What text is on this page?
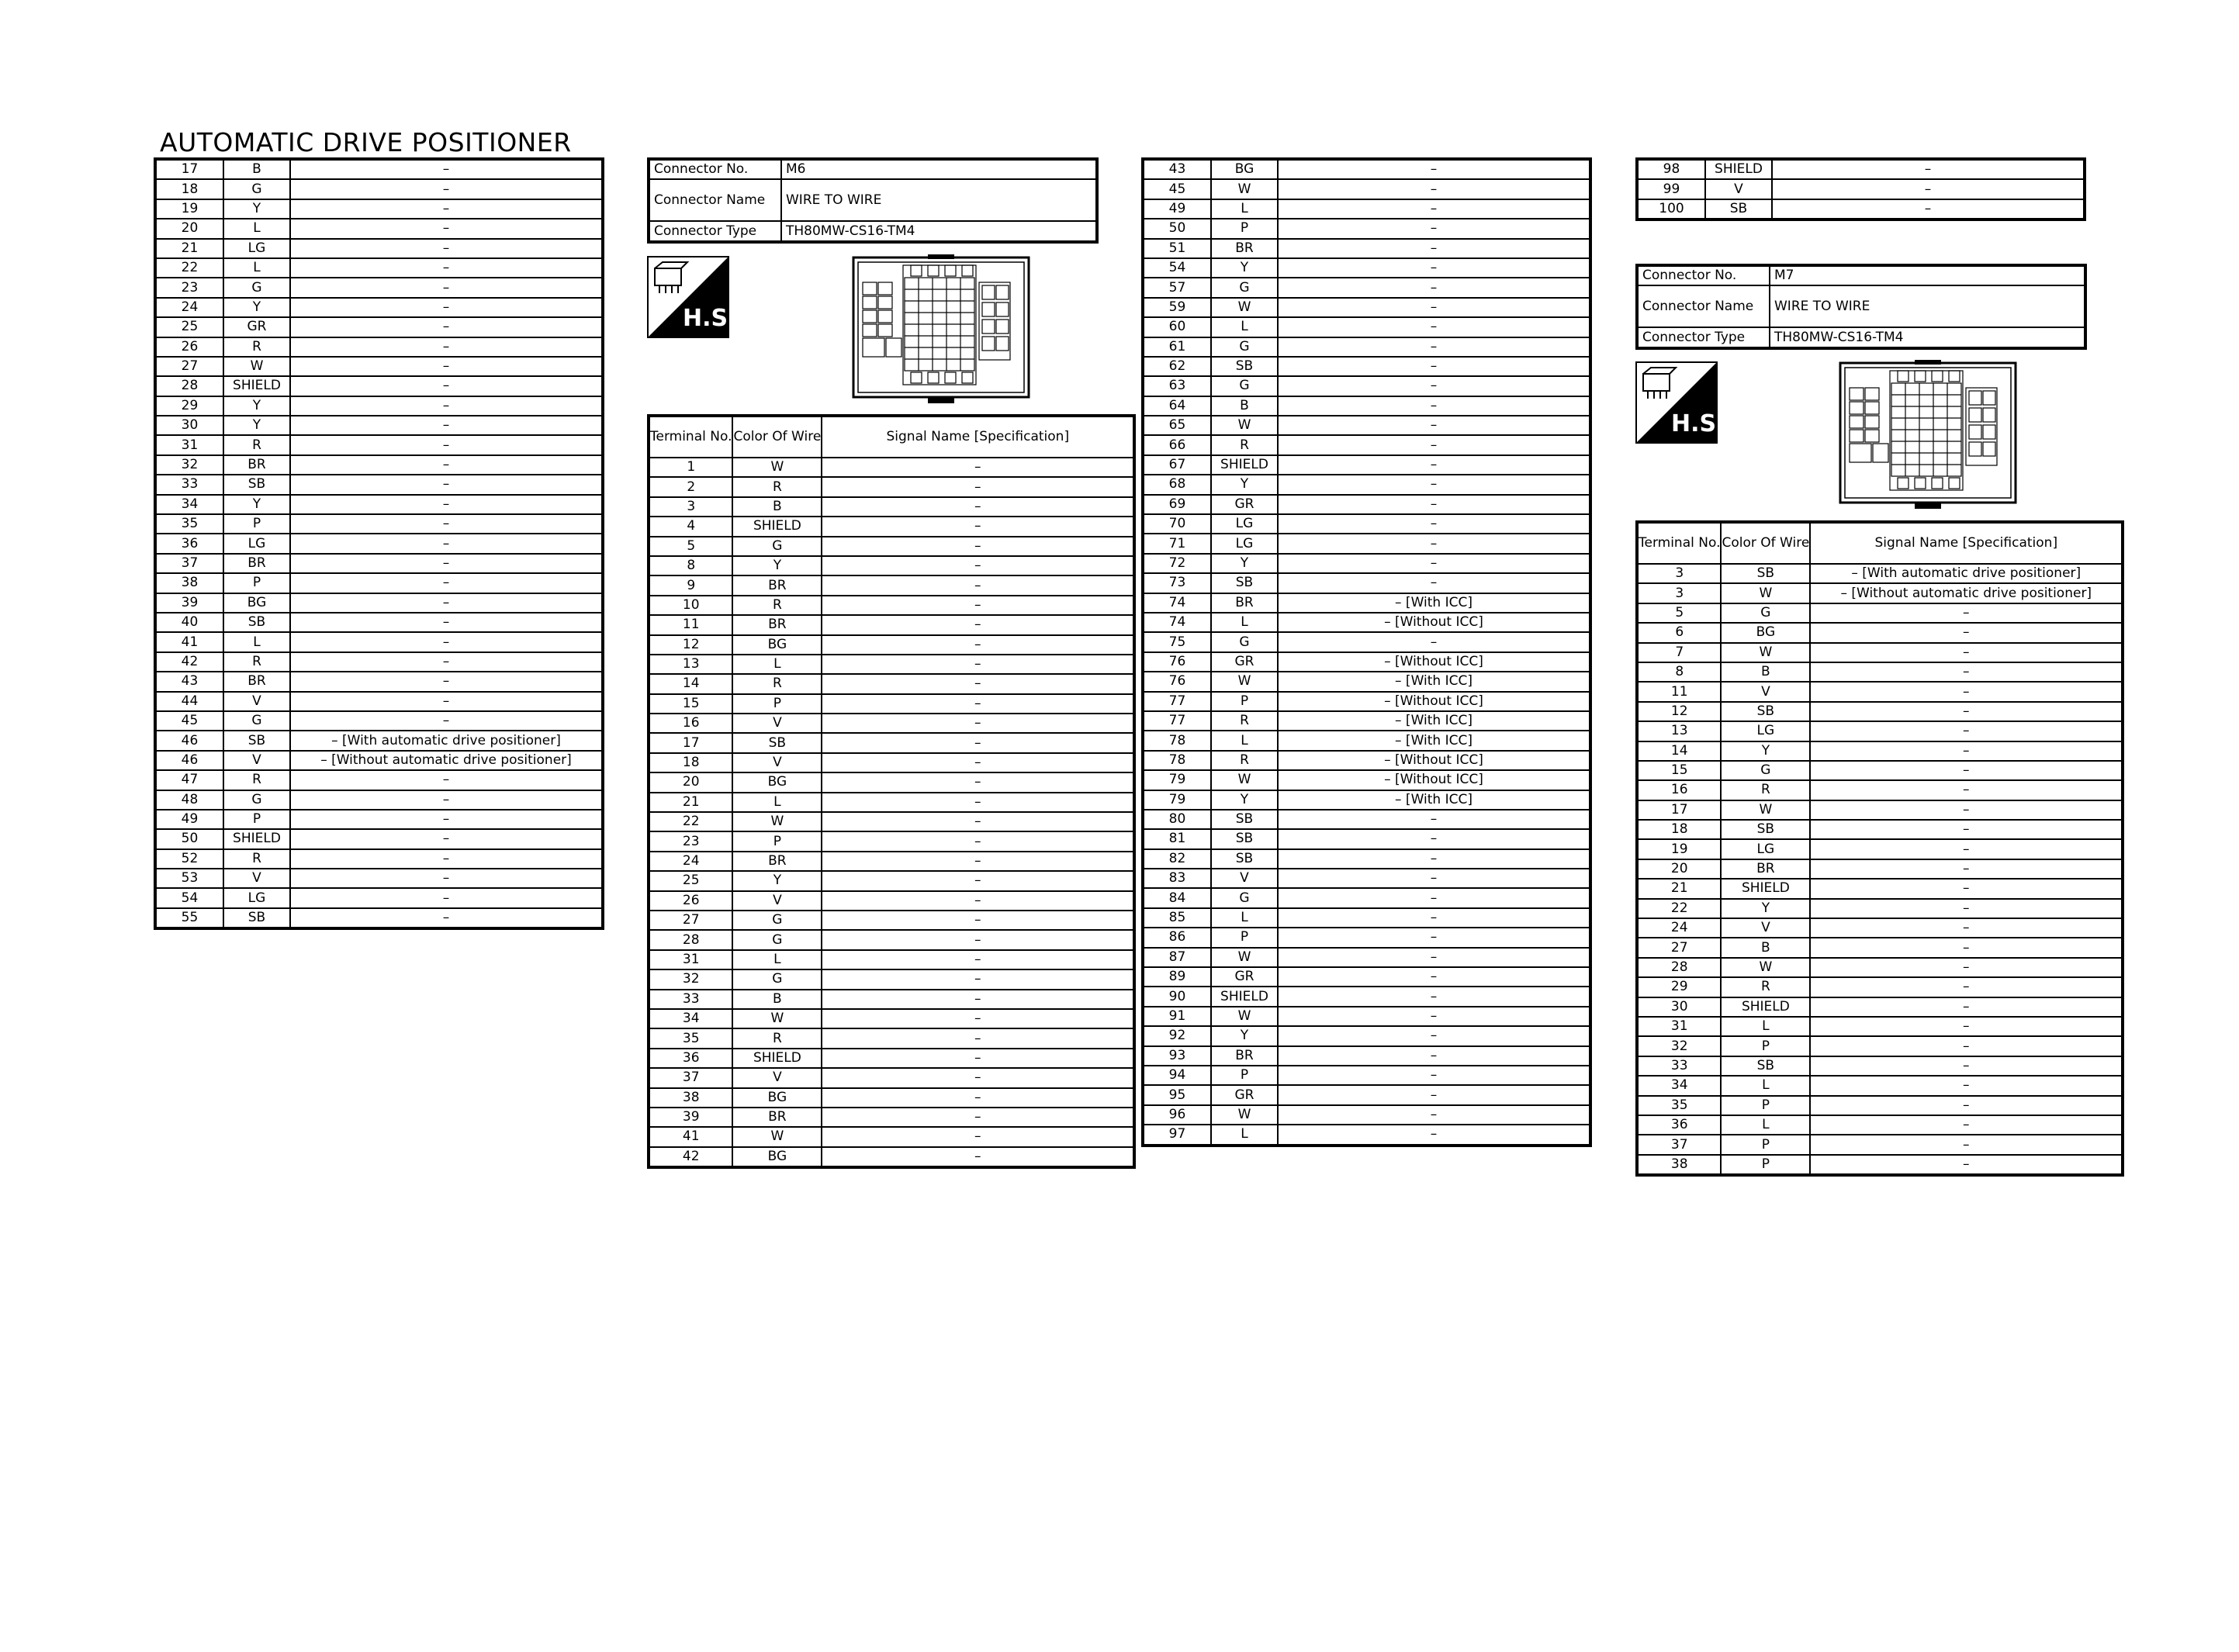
AUTOMATIC DRIVE POSITIONER
17	B	–
18	G	–
19	Y	–
20	L	–
21	LG	–
22	L	–
23	G	–
24	Y	–
25	GR	–
26	R	–
27	W	–
28	SHIELD	–
29	Y	–
30	Y	–
31	R	–
32	BR	–
33	SB	–
34	Y	–
35	P	–
36	LG	–
37	BR	–
38	P	–
39	BG	–
40	SB	–
41	L	–
42	R	–
43	BR	–
44	V	–
45	G	–
46	SB	– [With automatic drive positioner]
46	V	– [Without automatic drive positioner]
47	R	–
48	G	–
49	P	–
50	SHIELD	–
52	R	–
53	V	–
54	LG	–
55	SB	–
Connector No.	M6
Connector Name	WIRE TO WIRE
Connector Type	TH80MW-CS16-TM4
H.S.
Terminal No.	Color Of Wire	Signal Name [Specification]
1	W	–
2	R	–
3	B	–
4	SHIELD	–
5	G	–
8	Y	–
9	BR	–
10	R	–
11	BR	–
12	BG	–
13	L	–
14	R	–
15	P	–
16	V	–
17	SB	–
18	V	–
20	BG	–
21	L	–
22	W	–
23	P	–
24	BR	–
25	Y	–
26	V	–
27	G	–
28	G	–
31	L	–
32	G	–
33	B	–
34	W	–
35	R	–
36	SHIELD	–
37	V	–
38	BG	–
39	BR	–
41	W	–
42	BG	–
43	BG	–
45	W	–
49	L	–
50	P	–
51	BR	–
54	Y	–
57	G	–
59	W	–
60	L	–
61	G	–
62	SB	–
63	G	–
64	B	–
65	W	–
66	R	–
67	SHIELD	–
68	Y	–
69	GR	–
70	LG	–
71	LG	–
72	Y	–
73	SB	–
74	BR	– [With ICC]
74	L	– [Without ICC]
75	G	–
76	GR	– [Without ICC]
76	W	– [With ICC]
77	P	– [Without ICC]
77	R	– [With ICC]
78	L	– [With ICC]
78	R	– [Without ICC]
79	W	– [Without ICC]
79	Y	– [With ICC]
80	SB	–
81	SB	–
82	SB	–
83	V	–
84	G	–
85	L	–
86	P	–
87	W	–
89	GR	–
90	SHIELD	–
91	W	–
92	Y	–
93	BR	–
94	P	–
95	GR	–
96	W	–
97	L	–
98	SHIELD	–
99	V	–
100	SB	–
Connector No.	M7
Connector Name	WIRE TO WIRE
Connector Type	TH80MW-CS16-TM4
H.S.
Terminal No.	Color Of Wire	Signal Name [Specification]
3	SB	– [With automatic drive positioner]
3	W	– [Without automatic drive positioner]
5	G	–
6	BG	–
7	W	–
8	B	–
11	V	–
12	SB	–
13	LG	–
14	Y	–
15	G	–
16	R	–
17	W	–
18	SB	–
19	LG	–
20	BR	–
21	SHIELD	–
22	Y	–
24	V	–
27	B	–
28	W	–
29	R	–
30	SHIELD	–
31	L	–
32	P	–
33	SB	–
34	L	–
35	P	–
36	L	–
37	P	–
38	P	–
